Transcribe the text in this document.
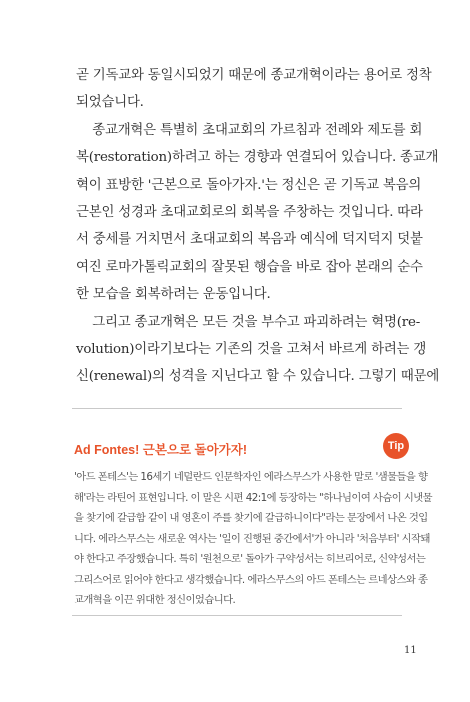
곧 기독교와 동일시되었기 때문에 종교개혁이라는 용어로 정착
되었습니다.
종교개혁은 특별히 초대교회의 가르침과 전례와 제도를 회
복(restoration)하려고 하는 경향과 연결되어 있습니다. 종교개
혁이 표방한 '근본으로 돌아가자.'는 정신은 곧 기독교 복음의
근본인 성경과 초대교회로의 회복을 주창하는 것입니다. 따라
서 중세를 거치면서 초대교회의 복음과 예식에 덕지덕지 덧붙
여진 로마가톨릭교회의 잘못된 행습을 바로 잡아 본래의 순수
한 모습을 회복하려는 운동입니다.
그리고 종교개혁은 모든 것을 부수고 파괴하려는 혁명(re-
volution)이라기보다는 기존의 것을 고쳐서 바르게 하려는 갱
신(renewal)의 성격을 지닌다고 할 수 있습니다. 그렇기 때문에
Ad Fontes! 근본으로 돌아가자!	Tip
'아드 폰테스'는 16세기 네덜란드 인문학자인 에라스무스가 사용한 말로 '샘물들을 향
해'라는 라틴어 표현입니다. 이 말은 시편 42:1에 등장하는 "하나님이여 사슴이 시냇물
을 찾기에 갈급함 같이 내 영혼이 주를 찾기에 갈급하니이다"라는 문장에서 나온 것입
니다. 에라스무스는 새로운 역사는 '일이 진행된 중간에서'가 아니라 '처음부터' 시작돼
야 한다고 주장했습니다. 특히 '원천으로' 돌아가 구약성서는 히브리어로, 신약성서는
그리스어로 읽어야 한다고 생각했습니다. 에라스무스의 아드 폰테스는 르네상스와 종
교개혁을 이끈 위대한 정신이었습니다.
11
